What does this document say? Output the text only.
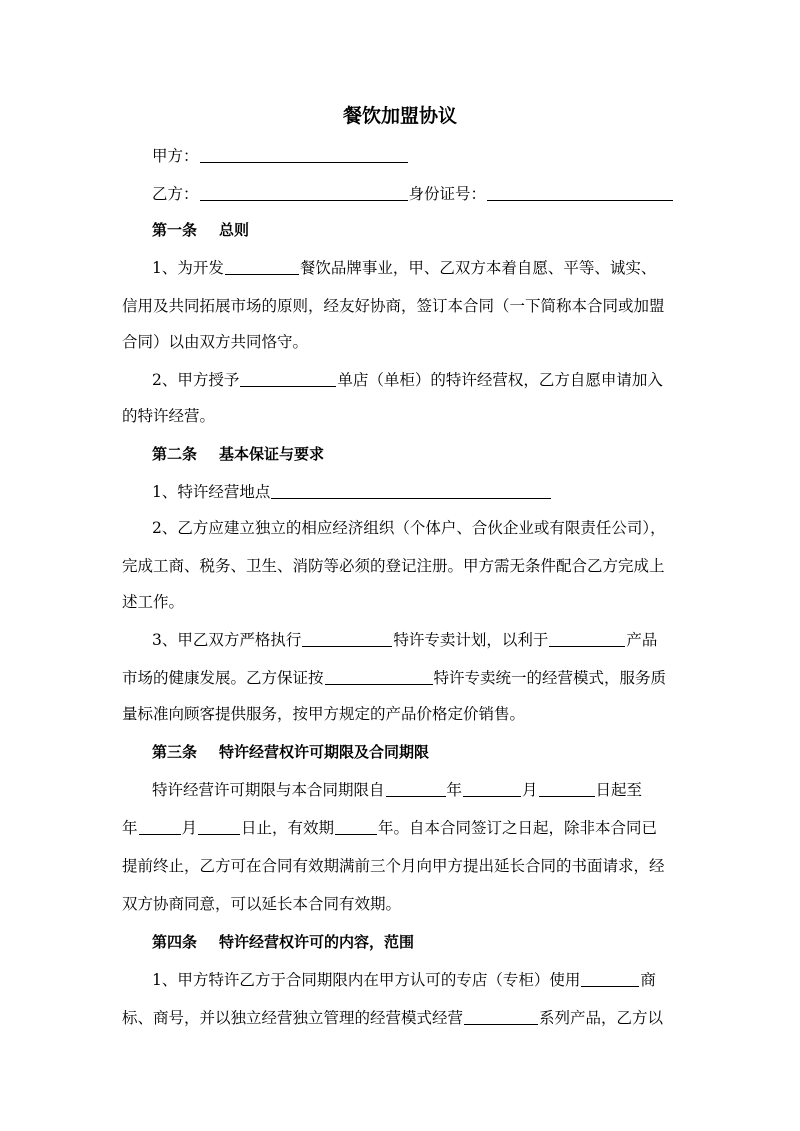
餐饮加盟协议
甲方：
乙方：	身份证号：
第一条 总则
1、为开发	餐饮品牌事业，甲、乙双方本着自愿、平等、诚实、
信用及共同拓展市场的原则，经友好协商，签订本合同（一下简称本合同或加盟
合同）以由双方共同恪守。
2、甲方授予	单店（单柜）的特许经营权，乙方自愿申请加入
的特许经营。
第二条 基本保证与要求
1、特许经营地点
2、乙方应建立独立的相应经济组织（个体户、合伙企业或有限责任公司），
完成工商、税务、卫生、消防等必须的登记注册。甲方需无条件配合乙方完成上
述工作。
3、甲乙双方严格执行	特许专卖计划，以利于	产品
市场的健康发展。乙方保证按	特许专卖统一的经营模式，服务质
量标准向顾客提供服务，按甲方规定的产品价格定价销售。
第三条 特许经营权许可期限及合同期限
特许经营许可期限与本合同期限自	年	月	日起至
年	月	日止，有效期	年。自本合同签订之日起，除非本合同已
提前终止，乙方可在合同有效期满前三个月向甲方提出延长合同的书面请求，经
双方协商同意，可以延长本合同有效期。
第四条 特许经营权许可的内容，范围
1、甲方特许乙方于合同期限内在甲方认可的专店（专柜）使用	商
标、商号，并以独立经营独立管理的经营模式经营	系列产品，乙方以
